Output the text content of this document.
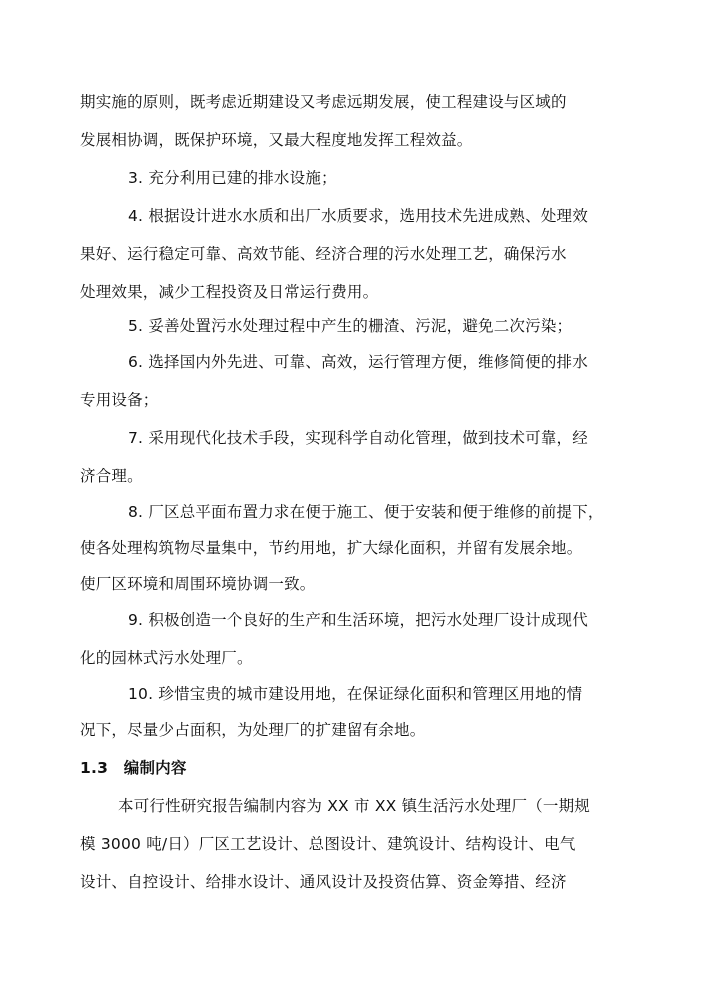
期实施的原则，既考虑近期建设又考虑远期发展，使工程建设与区域的
发展相协调，既保护环境，又最大程度地发挥工程效益。
3. 充分利用已建的排水设施；
4. 根据设计进水水质和出厂水质要求，选用技术先进成熟、处理效
果好、运行稳定可靠、高效节能、经济合理的污水处理工艺，确保污水
处理效果，减少工程投资及日常运行费用。
5. 妥善处置污水处理过程中产生的栅渣、污泥，避免二次污染；
6. 选择国内外先进、可靠、高效，运行管理方便，维修简便的排水
专用设备；
7. 采用现代化技术手段，实现科学自动化管理，做到技术可靠，经
济合理。
8. 厂区总平面布置力求在便于施工、便于安装和便于维修的前提下，
使各处理构筑物尽量集中，节约用地，扩大绿化面积，并留有发展余地。
使厂区环境和周围环境协调一致。
9. 积极创造一个良好的生产和生活环境，把污水处理厂设计成现代
化的园林式污水处理厂。
10. 珍惜宝贵的城市建设用地，在保证绿化面积和管理区用地的情
况下，尽量少占面积，为处理厂的扩建留有余地。
1.3　编制内容
本可行性研究报告编制内容为 XX 市 XX 镇生活污水处理厂（一期规
模 3000 吨/日）厂区工艺设计、总图设计、建筑设计、结构设计、电气
设计、自控设计、给排水设计、通风设计及投资估算、资金筹措、经济
